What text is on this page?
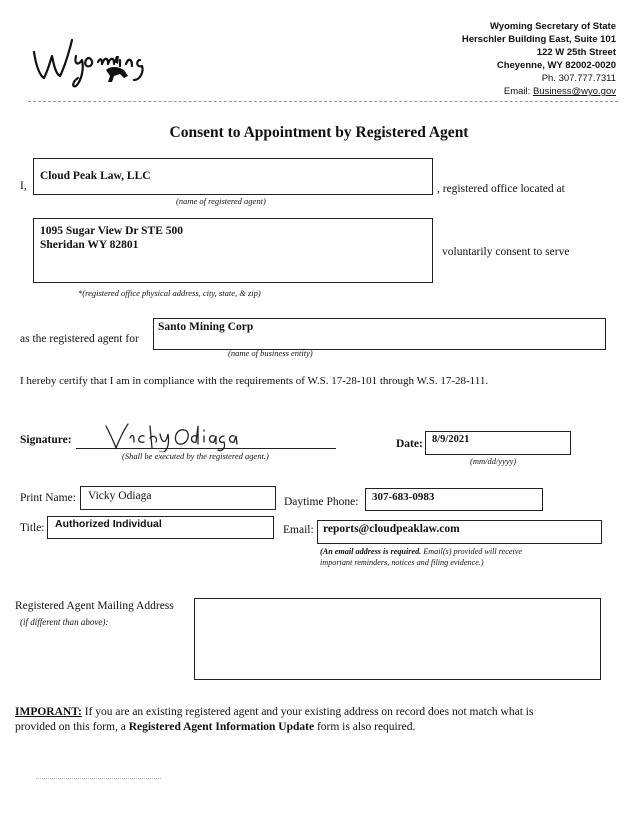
Wyoming Secretary of State
Herschler Building East, Suite 101
122 W 25th Street
Cheyenne, WY 82002-0020
Ph. 307.777.7311
Email: Business@wyo.gov
Consent to Appointment by Registered Agent
I,
Cloud Peak Law, LLC
(name of registered agent)
, registered office located at
1095 Sugar View Dr STE 500
Sheridan WY 82801
voluntarily consent to serve
*(registered office physical address, city, state, & zip)
as the registered agent for
Santo Mining Corp
(name of business entity)
I hereby certify that I am in compliance with the requirements of W.S. 17-28-101 through W.S. 17-28-111.
Signature:
(Shall be executed by the registered agent.)
Date: 8/9/2021
(mm/dd/yyyy)
Print Name: Vicky Odiaga	Daytime Phone: 307-683-0983
Title: Authorized Individual	Email: reports@cloudpeaklaw.com
(An email address is required. Email(s) provided will receive
important reminders, notices and filing evidence.)
Registered Agent Mailing Address
(if different than above):
IMPORANT: If you are an existing registered agent and your existing address on record does not match what is
provided on this form, a Registered Agent Information Update form is also required.
